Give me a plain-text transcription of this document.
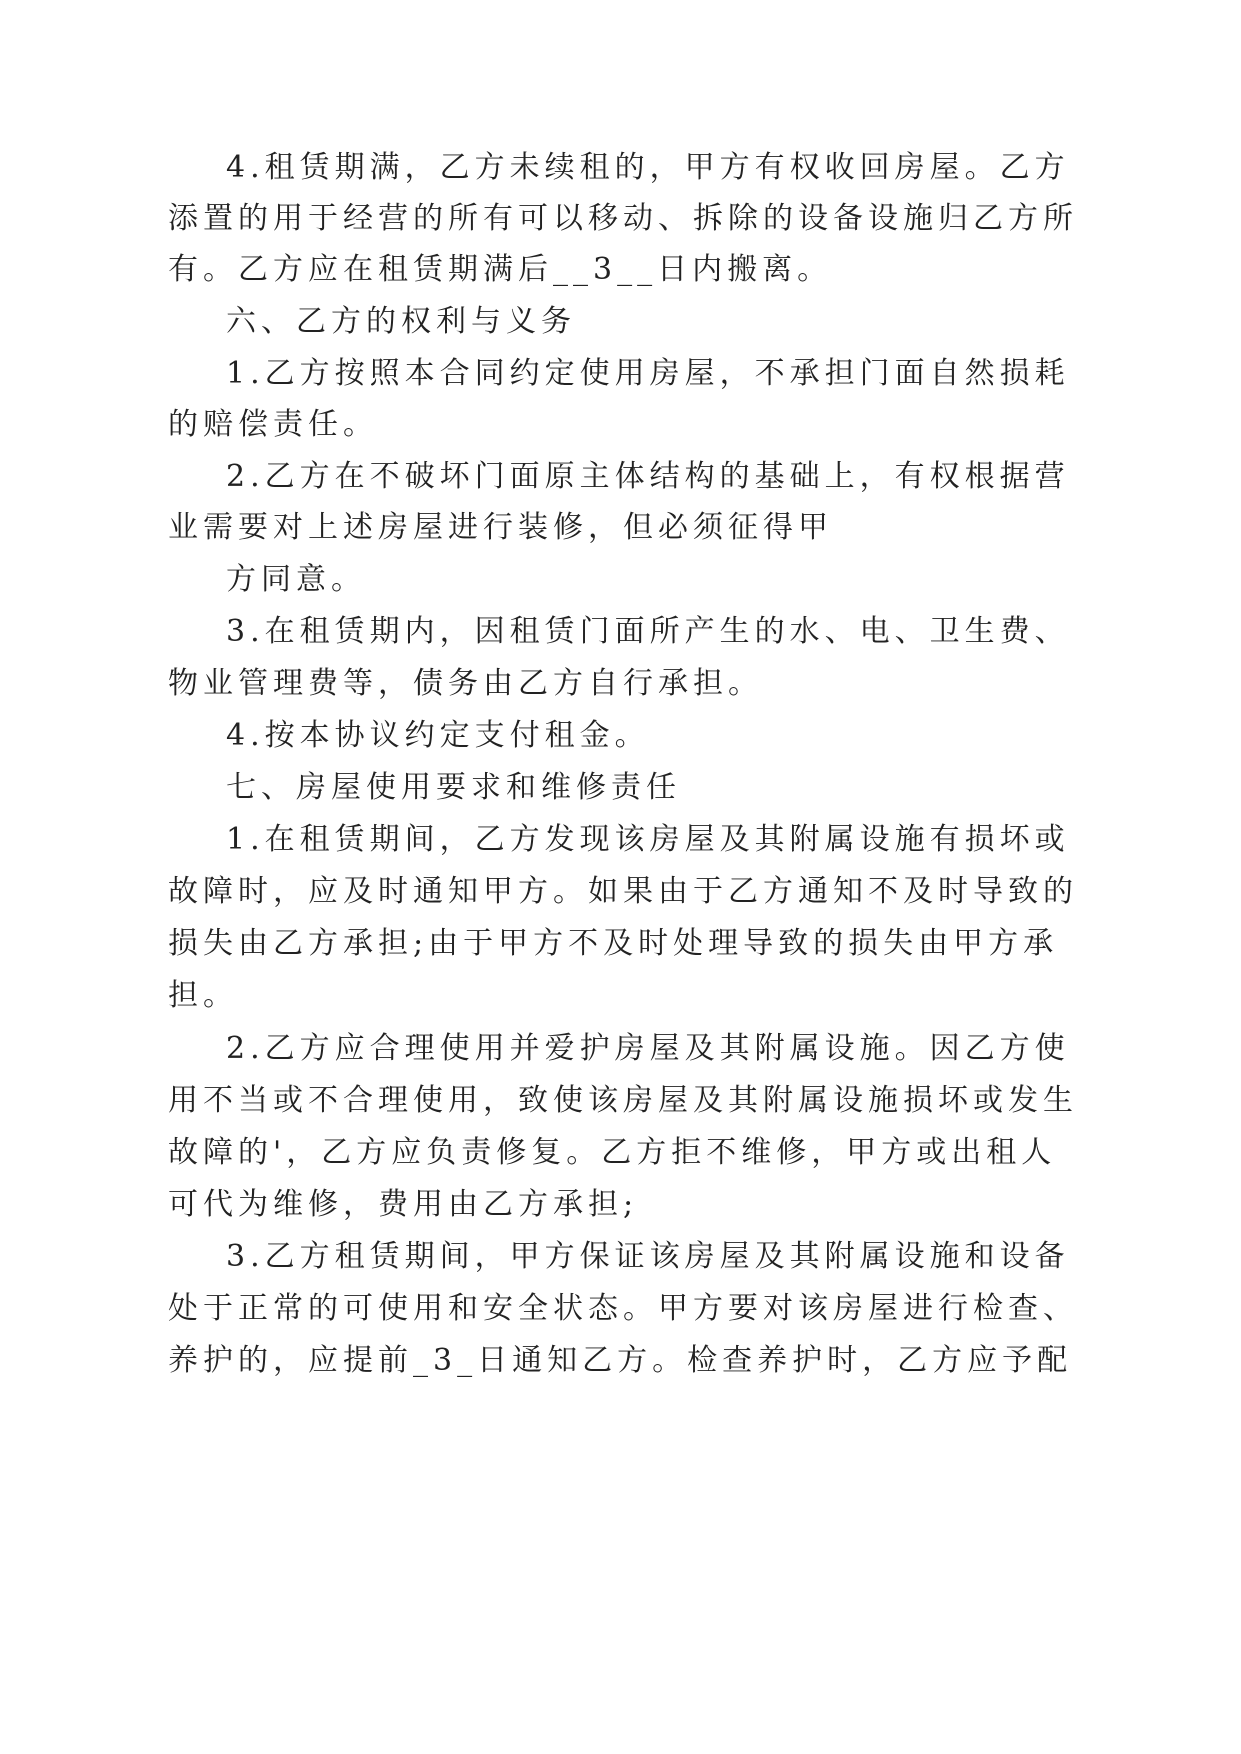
4.租赁期满，乙方未续租的，甲方有权收回房屋。乙方
添置的用于经营的所有可以移动、拆除的设备设施归乙方所
有。乙方应在租赁期满后__3__日内搬离。
六、乙方的权利与义务
1.乙方按照本合同约定使用房屋，不承担门面自然损耗
的赔偿责任。
2.乙方在不破坏门面原主体结构的基础上，有权根据营
业需要对上述房屋进行装修，但必须征得甲
方同意。
3.在租赁期内，因租赁门面所产生的水、电、卫生费、
物业管理费等，债务由乙方自行承担。
4.按本协议约定支付租金。
七、房屋使用要求和维修责任
1.在租赁期间，乙方发现该房屋及其附属设施有损坏或
故障时，应及时通知甲方。如果由于乙方通知不及时导致的
损失由乙方承担;由于甲方不及时处理导致的损失由甲方承
担。
2.乙方应合理使用并爱护房屋及其附属设施。因乙方使
用不当或不合理使用，致使该房屋及其附属设施损坏或发生
故障的'，乙方应负责修复。乙方拒不维修，甲方或出租人
可代为维修，费用由乙方承担;
3.乙方租赁期间，甲方保证该房屋及其附属设施和设备
处于正常的可使用和安全状态。甲方要对该房屋进行检查、
养护的，应提前_3_日通知乙方。检查养护时，乙方应予配
